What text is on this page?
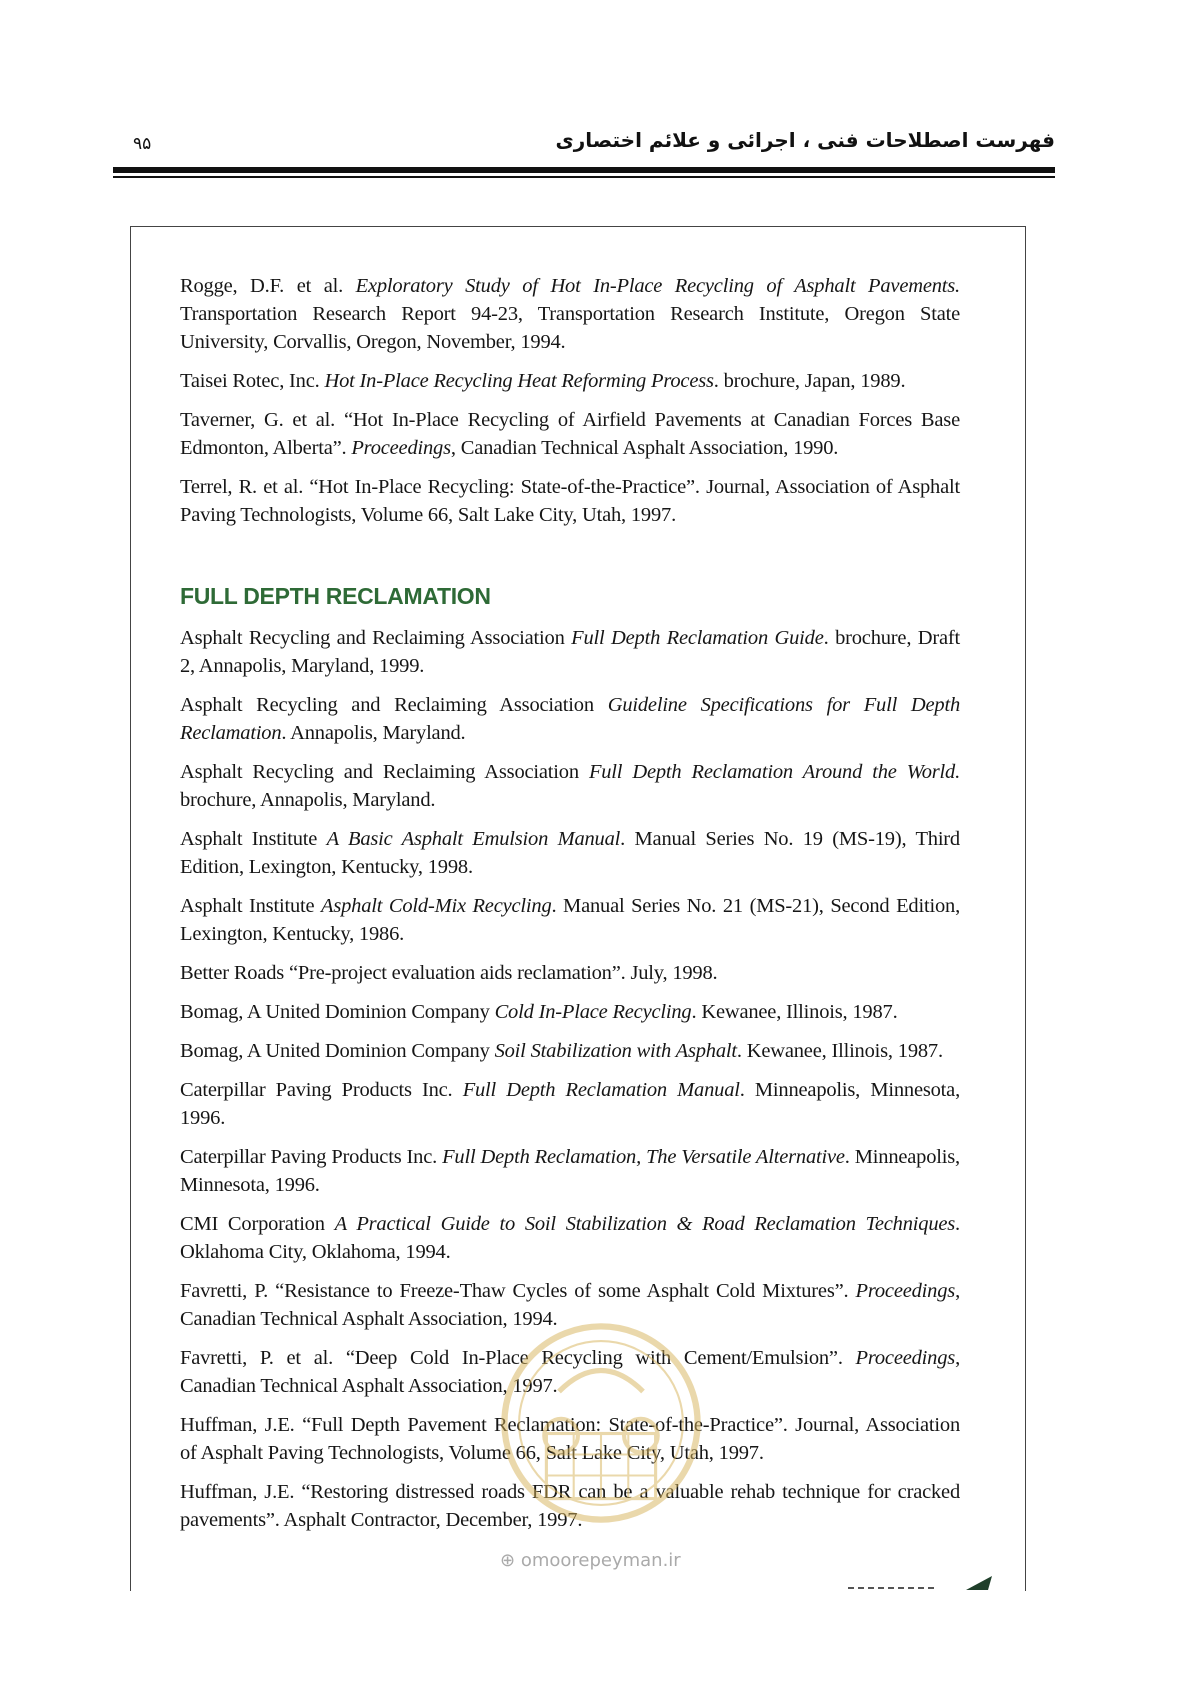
فهرست اصطلاحات فنی ، اجرائی و علائم اختصاری
۹۵

Rogge, D.F. et al. Exploratory Study of Hot In-Place Recycling of Asphalt Pavements. Transportation Research Report 94-23, Transportation Research Institute, Oregon State University, Corvallis, Oregon, November, 1994.

Taisei Rotec, Inc. Hot In-Place Recycling Heat Reforming Process. brochure, Japan, 1989.

Taverner, G. et al. “Hot In-Place Recycling of Airfield Pavements at Canadian Forces Base Edmonton, Alberta”. Proceedings, Canadian Technical Asphalt Association, 1990.

Terrel, R. et al. “Hot In-Place Recycling: State-of-the-Practice”. Journal, Association of Asphalt Paving Technologists, Volume 66, Salt Lake City, Utah, 1997.

FULL DEPTH RECLAMATION

Asphalt Recycling and Reclaiming Association Full Depth Reclamation Guide. brochure, Draft 2, Annapolis, Maryland, 1999.

Asphalt Recycling and Reclaiming Association Guideline Specifications for Full Depth Reclamation. Annapolis, Maryland.

Asphalt Recycling and Reclaiming Association Full Depth Reclamation Around the World. brochure, Annapolis, Maryland.

Asphalt Institute A Basic Asphalt Emulsion Manual. Manual Series No. 19 (MS-19), Third Edition, Lexington, Kentucky, 1998.

Asphalt Institute Asphalt Cold-Mix Recycling. Manual Series No. 21 (MS-21), Second Edition, Lexington, Kentucky, 1986.

Better Roads “Pre-project evaluation aids reclamation”. July, 1998.

Bomag, A United Dominion Company Cold In-Place Recycling. Kewanee, Illinois, 1987.

Bomag, A United Dominion Company Soil Stabilization with Asphalt. Kewanee, Illinois, 1987.

Caterpillar Paving Products Inc. Full Depth Reclamation Manual. Minneapolis, Minnesota, 1996.

Caterpillar Paving Products Inc. Full Depth Reclamation, The Versatile Alternative. Minneapolis, Minnesota, 1996.

CMI Corporation A Practical Guide to Soil Stabilization & Road Reclamation Techniques. Oklahoma City, Oklahoma, 1994.

Favretti, P. “Resistance to Freeze-Thaw Cycles of some Asphalt Cold Mixtures”. Proceedings, Canadian Technical Asphalt Association, 1994.

Favretti, P. et al. “Deep Cold In-Place Recycling with Cement/Emulsion”. Proceedings, Canadian Technical Asphalt Association, 1997.

Huffman, J.E. “Full Depth Pavement Reclamation: State-of-the-Practice”. Journal, Association of Asphalt Paving Technologists, Volume 66, Salt Lake City, Utah, 1997.

Huffman, J.E. “Restoring distressed roads FDR can be a valuable rehab technique for cracked pavements”. Asphalt Contractor, December, 1997.

⊕ omoorepeyman.ir
